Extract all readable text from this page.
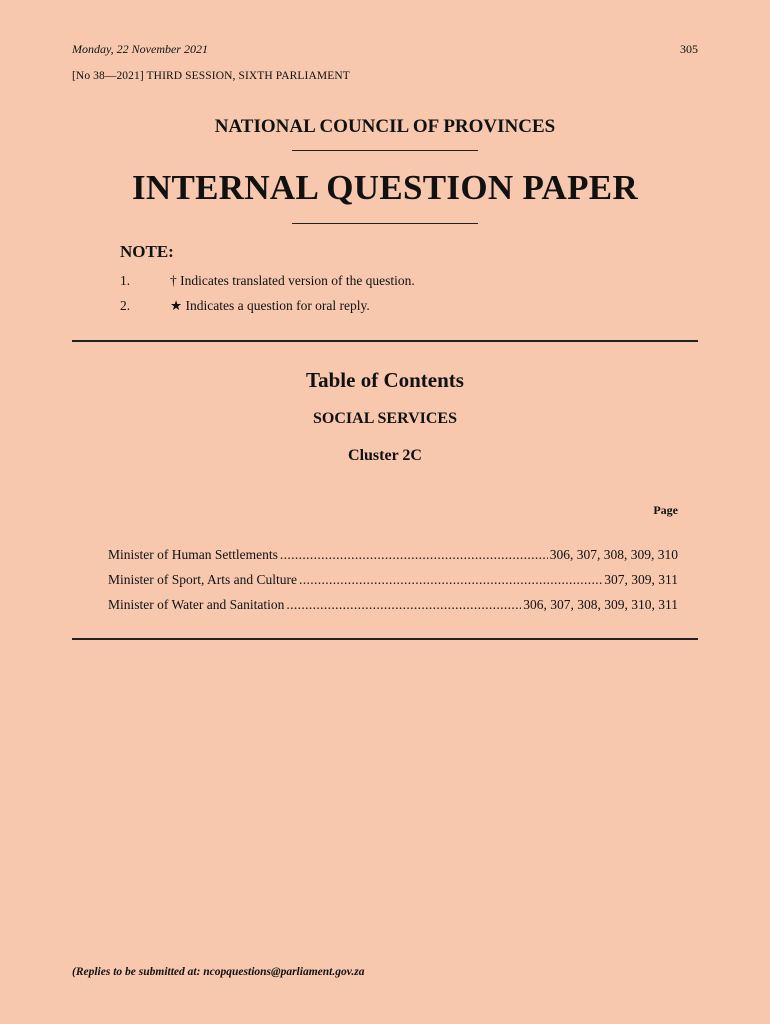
Monday, 22 November 2021	305
[No 38—2021] THIRD SESSION, SIXTH PARLIAMENT
NATIONAL COUNCIL OF PROVINCES
INTERNAL QUESTION PAPER
NOTE:
1.	† Indicates translated version of the question.
2.	★ Indicates a question for oral reply.
Table of Contents
SOCIAL SERVICES
Cluster 2C
Page
Minister of Human Settlements . . .	306, 307, 308, 309, 310
Minister of Sport, Arts and Culture . . .	307, 309, 311
Minister of Water and Sanitation . . .	306, 307, 308, 309, 310, 311
(Replies to be submitted at: ncopquestions@parliament.gov.za
